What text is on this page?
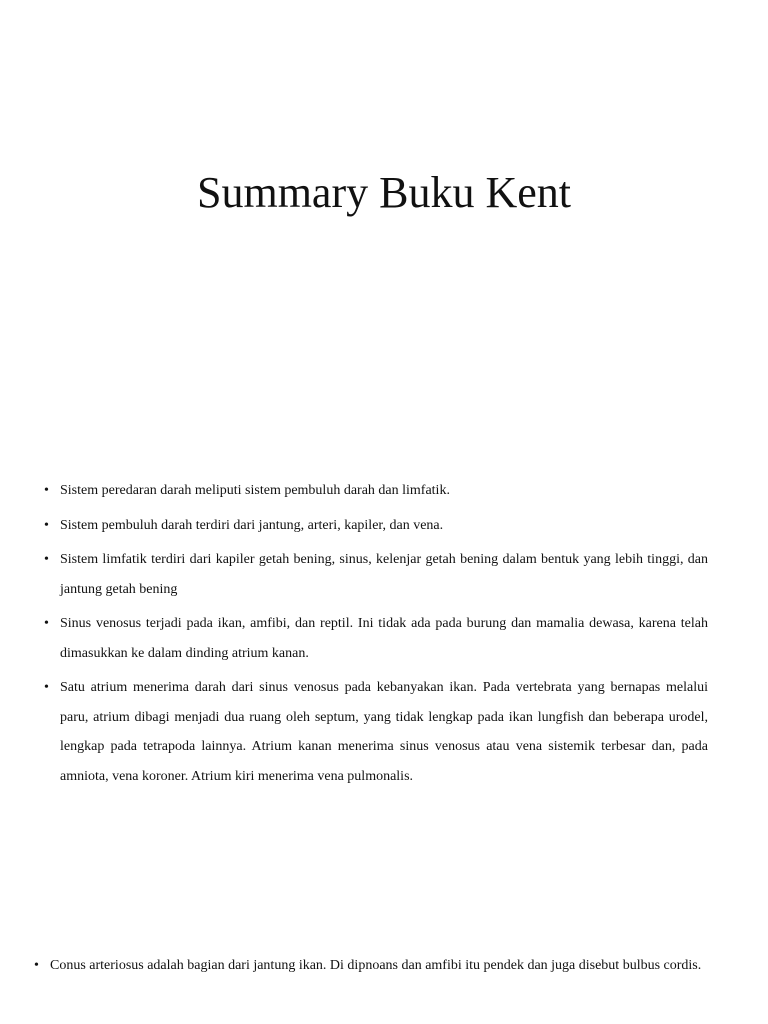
Summary Buku Kent
• Sistem peredaran darah meliputi sistem pembuluh darah dan limfatik.
• Sistem pembuluh darah terdiri dari jantung, arteri, kapiler, dan vena.
• Sistem limfatik terdiri dari kapiler getah bening, sinus, kelenjar getah bening dalam bentuk yang lebih tinggi, dan jantung getah bening
• Sinus venosus terjadi pada ikan, amfibi, dan reptil. Ini tidak ada pada burung dan mamalia dewasa, karena telah dimasukkan ke dalam dinding atrium kanan.
• Satu atrium menerima darah dari sinus venosus pada kebanyakan ikan. Pada vertebrata yang bernapas melalui paru, atrium dibagi menjadi dua ruang oleh septum, yang tidak lengkap pada ikan lungfish dan beberapa urodel, lengkap pada tetrapoda lainnya. Atrium kanan menerima sinus venosus atau vena sistemik terbesar dan, pada amniota, vena koroner. Atrium kiri menerima vena pulmonalis.
• Conus arteriosus adalah bagian dari jantung ikan. Di dipnoans dan amfibi itu pendek dan juga disebut bulbus cordis.
